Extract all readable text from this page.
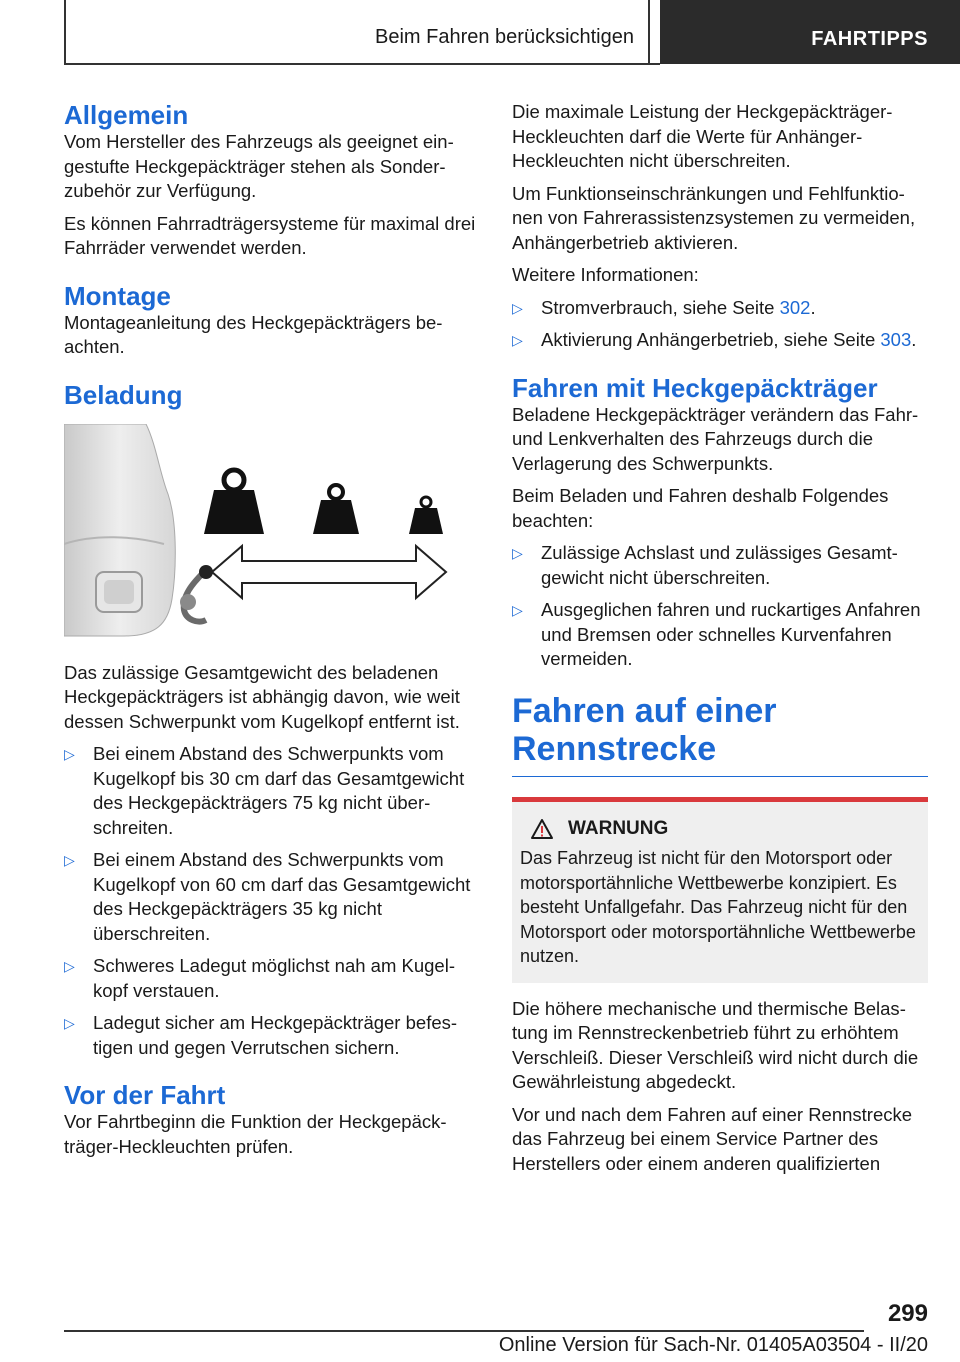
Beim Fahren berücksichtigen	FAHRTIPPS
Allgemein

Vom Hersteller des Fahrzeugs als geeignet eingestufte Heckgepäckträger stehen als Sonderzubehör zur Verfügung.

Es können Fahrradträgersysteme für maximal drei Fahrräder verwendet werden.

Montage

Montageanleitung des Heckgepäckträgers beachten.

Beladung

Das zulässige Gesamtgewicht des beladenen Heckgepäckträgers ist abhängig davon, wie weit dessen Schwerpunkt vom Kugelkopf entfernt ist.

▷ Bei einem Abstand des Schwerpunkts vom Kugelkopf bis 30 cm darf das Gesamtgewicht des Heckgepäckträgers 75 kg nicht überschreiten.
▷ Bei einem Abstand des Schwerpunkts vom Kugelkopf von 60 cm darf das Gesamtgewicht des Heckgepäckträgers 35 kg nicht überschreiten.
▷ Schweres Ladegut möglichst nah am Kugelkopf verstauen.
▷ Ladegut sicher am Heckgepäckträger befestigen und gegen Verrutschen sichern.
Vor der Fahrt

Vor Fahrtbeginn die Funktion der Heckgepäckträger-Heckleuchten prüfen.

Die maximale Leistung der Heckgepäckträger-Heckleuchten darf die Werte für Anhänger-Heckleuchten nicht überschreiten.

Um Funktionseinschränkungen und Fehlfunktionen von Fahrerassistenzsystemen zu vermeiden, Anhängerbetrieb aktivieren.

Weitere Informationen:

▷ Stromverbrauch, siehe Seite 302.
▷ Aktivierung Anhängerbetrieb, siehe Seite 303.
Fahren mit Heckgepäckträger

Beladene Heckgepäckträger verändern das Fahr- und Lenkverhalten des Fahrzeugs durch die Verlagerung des Schwerpunkts.

Beim Beladen und Fahren deshalb Folgendes beachten:

▷ Zulässige Achslast und zulässiges Gesamtgewicht nicht überschreiten.
▷ Ausgeglichen fahren und ruckartiges Anfahren und Bremsen oder schnelles Kurvenfahren vermeiden.
Fahren auf einer
Rennstrecke
WARNUNG

Das Fahrzeug ist nicht für den Motorsport oder motorsportähnliche Wettbewerbe konzipiert. Es besteht Unfallgefahr. Das Fahrzeug nicht für den Motorsport oder motorsportähnliche Wettbewerbe nutzen.

Die höhere mechanische und thermische Belastung im Rennstreckenbetrieb führt zu erhöhtem Verschleiß. Dieser Verschleiß wird nicht durch die Gewährleistung abgedeckt.

Vor und nach dem Fahren auf einer Rennstrecke das Fahrzeug bei einem Service Partner des Herstellers oder einem anderen qualifizierten

299
Online Version für Sach-Nr. 01405A03504 - II/20
